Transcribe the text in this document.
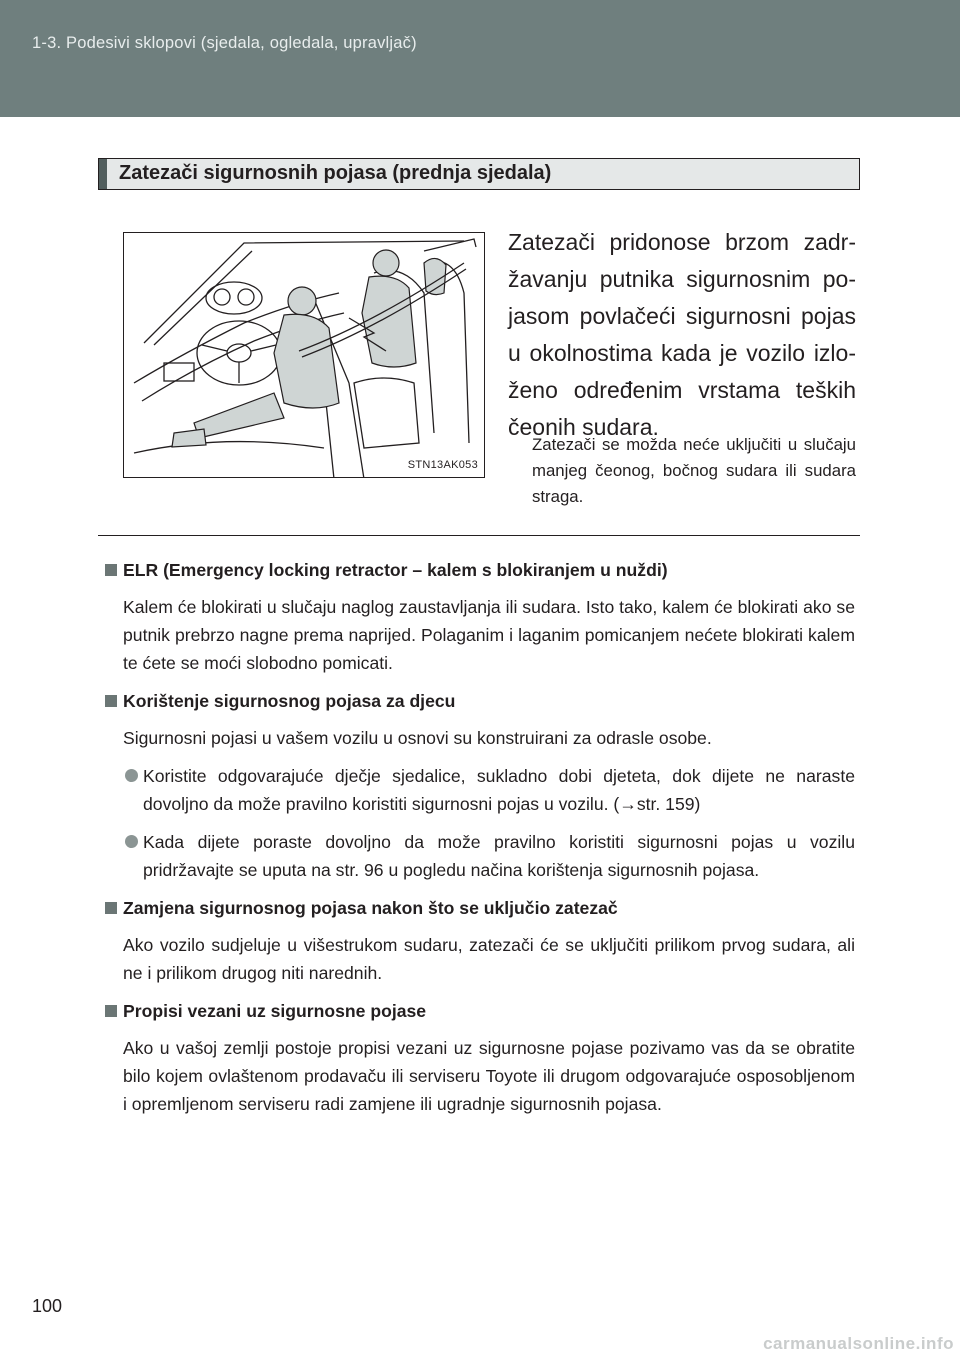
1-3. Podesivi sklopovi (sjedala, ogledala, upravljač)
Zatezači sigurnosnih pojasa (prednja sjedala)
STN13AK053

Zatezači pridonose brzom zadržavanju putnika sigurnosnim pojasom povlačeći sigurnosni pojas u okolnostima kada je vozilo izloženo određenim vrstama teških čeonih sudara.

Zatezači se možda neće uključiti u slučaju manjeg čeonog, bočnog sudara ili sudara straga.

ELR (Emergency locking retractor – kalem s blokiranjem u nuždi)

Kalem će blokirati u slučaju naglog zaustavljanja ili sudara. Isto tako, kalem će blokirati ako se putnik prebrzo nagne prema naprijed. Polaganim i laganim pomicanjem nećete blokirati kalem te ćete se moći slobodno pomicati.

Korištenje sigurnosnog pojasa za djecu

Sigurnosni pojasi u vašem vozilu u osnovi su konstruirani za odrasle osobe.

Koristite odgovarajuće dječje sjedalice, sukladno dobi djeteta, dok dijete ne naraste dovoljno da može pravilno koristiti sigurnosni pojas u vozilu. (→str. 159)
Kada dijete poraste dovoljno da može pravilno koristiti sigurnosni pojas u vozilu pridržavajte se uputa na str. 96 u pogledu načina korištenja sigurnosnih pojasa.
Zamjena sigurnosnog pojasa nakon što se uključio zatezač

Ako vozilo sudjeluje u višestrukom sudaru, zatezači će se uključiti prilikom prvog sudara, ali ne i prilikom drugog niti narednih.

Propisi vezani uz sigurnosne pojase

Ako u vašoj zemlji postoje propisi vezani uz sigurnosne pojase pozivamo vas da se obratite bilo kojem ovlaštenom prodavaču ili serviseru Toyote ili drugom odgovarajuće osposobljenom i opremljenom serviseru radi zamjene ili ugradnje sigurnosnih pojasa.

100
carmanualsonline.info
